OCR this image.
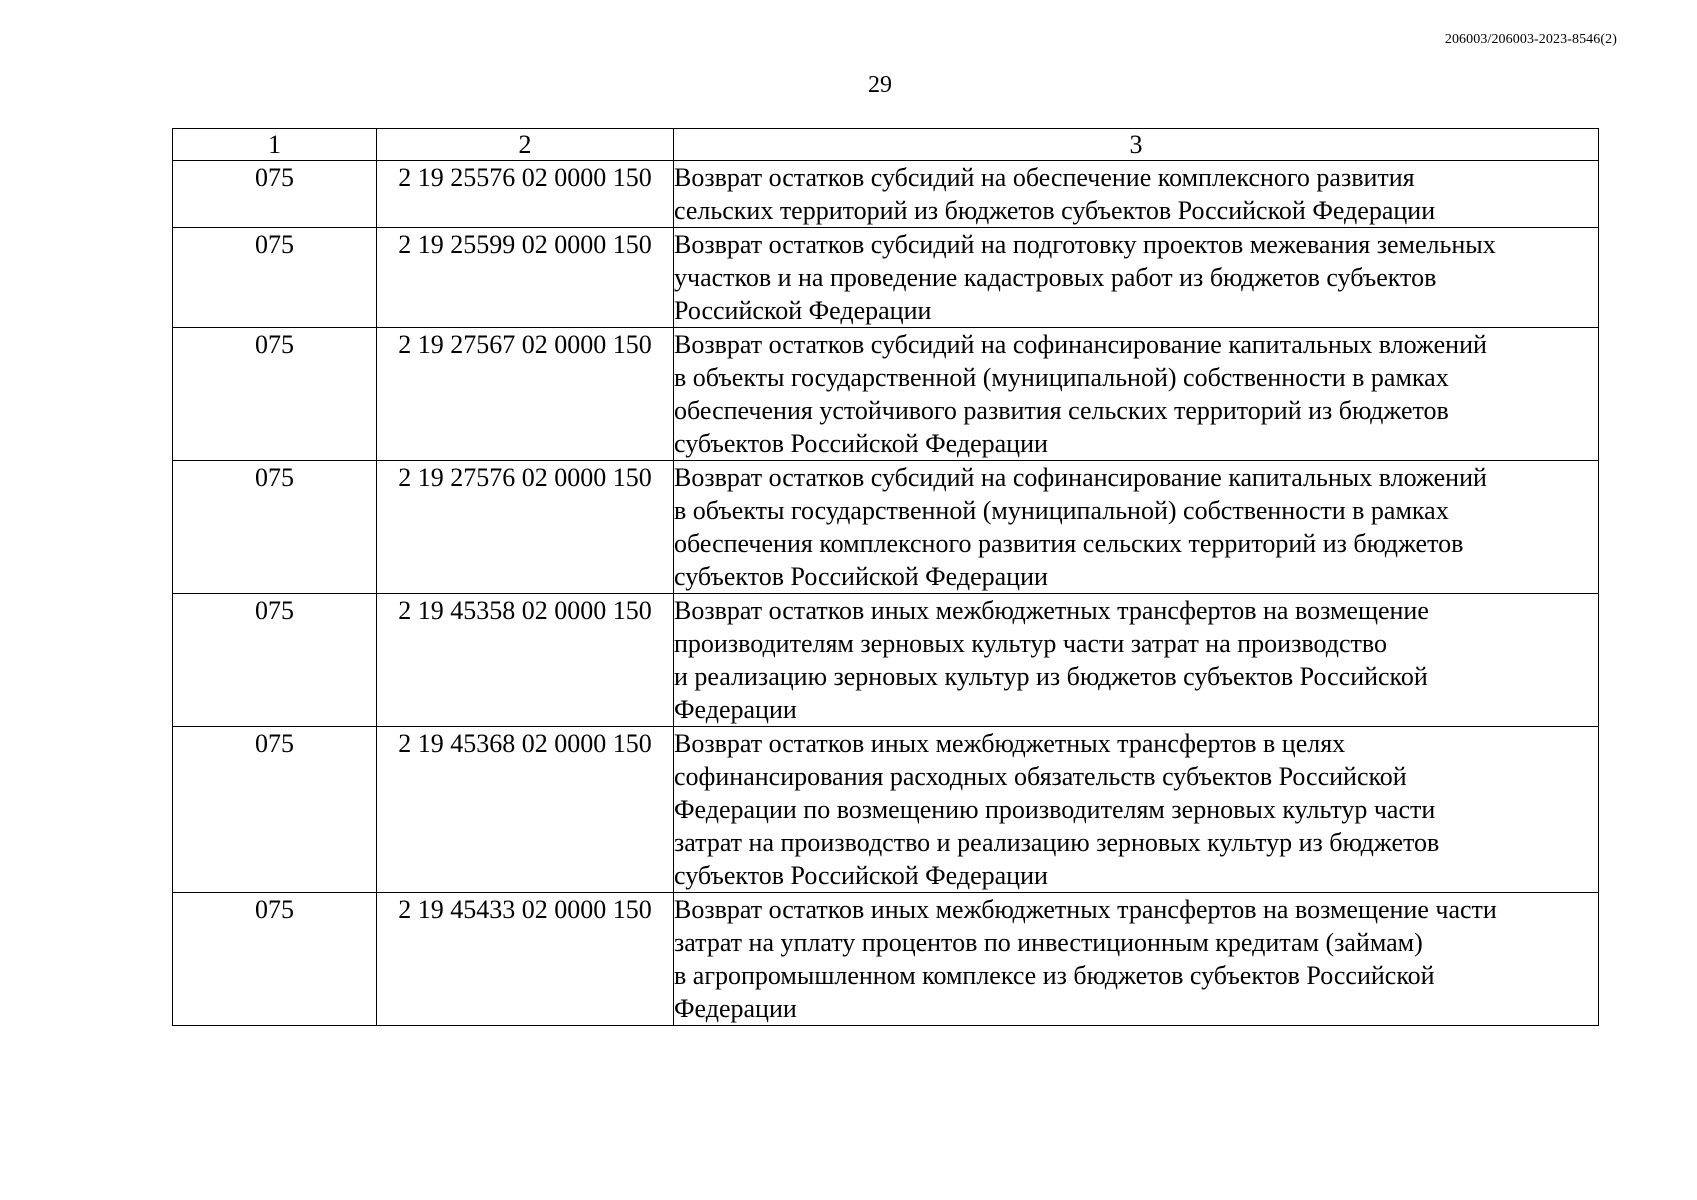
206003/206003-2023-8546(2)
29
1	2	3
075	2 19 25576 02 0000 150	Возврат остатков субсидий на обеспечение комплексного развития
сельских территорий из бюджетов субъектов Российской Федерации

075	2 19 25599 02 0000 150	Возврат остатков субсидий на подготовку проектов межевания земельных
участков и на проведение кадастровых работ из бюджетов субъектов
Российской Федерации

075	2 19 27567 02 0000 150	Возврат остатков субсидий на софинансирование капитальных вложений
в объекты государственной (муниципальной) собственности в рамках
обеспечения устойчивого развития сельских территорий из бюджетов
субъектов Российской Федерации

075	2 19 27576 02 0000 150	Возврат остатков субсидий на софинансирование капитальных вложений
в объекты государственной (муниципальной) собственности в рамках
обеспечения комплексного развития сельских территорий из бюджетов
субъектов Российской Федерации

075	2 19 45358 02 0000 150	Возврат остатков иных межбюджетных трансфертов на возмещение
производителям зерновых культур части затрат на производство
и реализацию зерновых культур из бюджетов субъектов Российской
Федерации

075	2 19 45368 02 0000 150	Возврат остатков иных межбюджетных трансфертов в целях
софинансирования расходных обязательств субъектов Российской
Федерации по возмещению производителям зерновых культур части
затрат на производство и реализацию зерновых культур из бюджетов
субъектов Российской Федерации

075	2 19 45433 02 0000 150	Возврат остатков иных межбюджетных трансфертов на возмещение части
затрат на уплату процентов по инвестиционным кредитам (займам)
в агропромышленном комплексе из бюджетов субъектов Российской
Федерации
